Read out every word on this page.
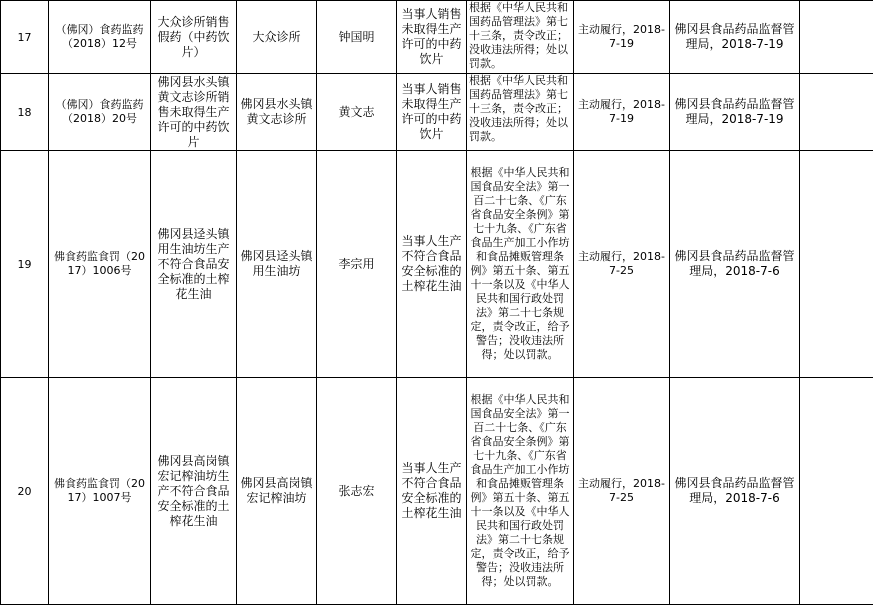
17	（佛冈）食药监药（2018）12号	大众诊所销售假药（中药饮片）	大众诊所	钟国明	当事人销售未取得生产许可的中药饮片	根据《中华人民共和国药品管理法》第七十三条，责令改正；没收违法所得；处以罚款。	主动履行，2018-7-19	佛冈县食品药品监督管理局，2018-7-19	
18	（佛冈）食药监药（2018）20号	佛冈县水头镇黄文志诊所销售未取得生产许可的中药饮片	佛冈县水头镇黄文志诊所	黄文志	当事人销售未取得生产许可的中药饮片	根据《中华人民共和国药品管理法》第七十三条，责令改正；没收违法所得；处以罚款。	主动履行，2018-7-19	佛冈县食品药品监督管理局，2018-7-19	
19	佛食药监食罚（2017）1006号	佛冈县迳头镇用生油坊生产不符合食品安全标准的土榨花生油	佛冈县迳头镇用生油坊	李宗用	当事人生产不符合食品安全标准的土榨花生油	根据《中华人民共和国食品安全法》第一百二十七条、《广东省食品安全条例》第七十九条、《广东省食品生产加工小作坊和食品摊贩管理条例》第五十条、第五十一条以及《中华人民共和国行政处罚法》第二十七条规定，责令改正，给予警告；没收违法所得；处以罚款。	主动履行，2018-7-25	佛冈县食品药品监督管理局，2018-7-6	
20	佛食药监食罚（2017）1007号	佛冈县高岗镇宏记榨油坊生产不符合食品安全标准的土榨花生油	佛冈县高岗镇宏记榨油坊	张志宏	当事人生产不符合食品安全标准的土榨花生油	根据《中华人民共和国食品安全法》第一百二十七条、《广东省食品安全条例》第七十九条、《广东省食品生产加工小作坊和食品摊贩管理条例》第五十条、第五十一条以及《中华人民共和国行政处罚法》第二十七条规定，责令改正，给予警告；没收违法所得；处以罚款。	主动履行，2018-7-25	佛冈县食品药品监督管理局，2018-7-6	
